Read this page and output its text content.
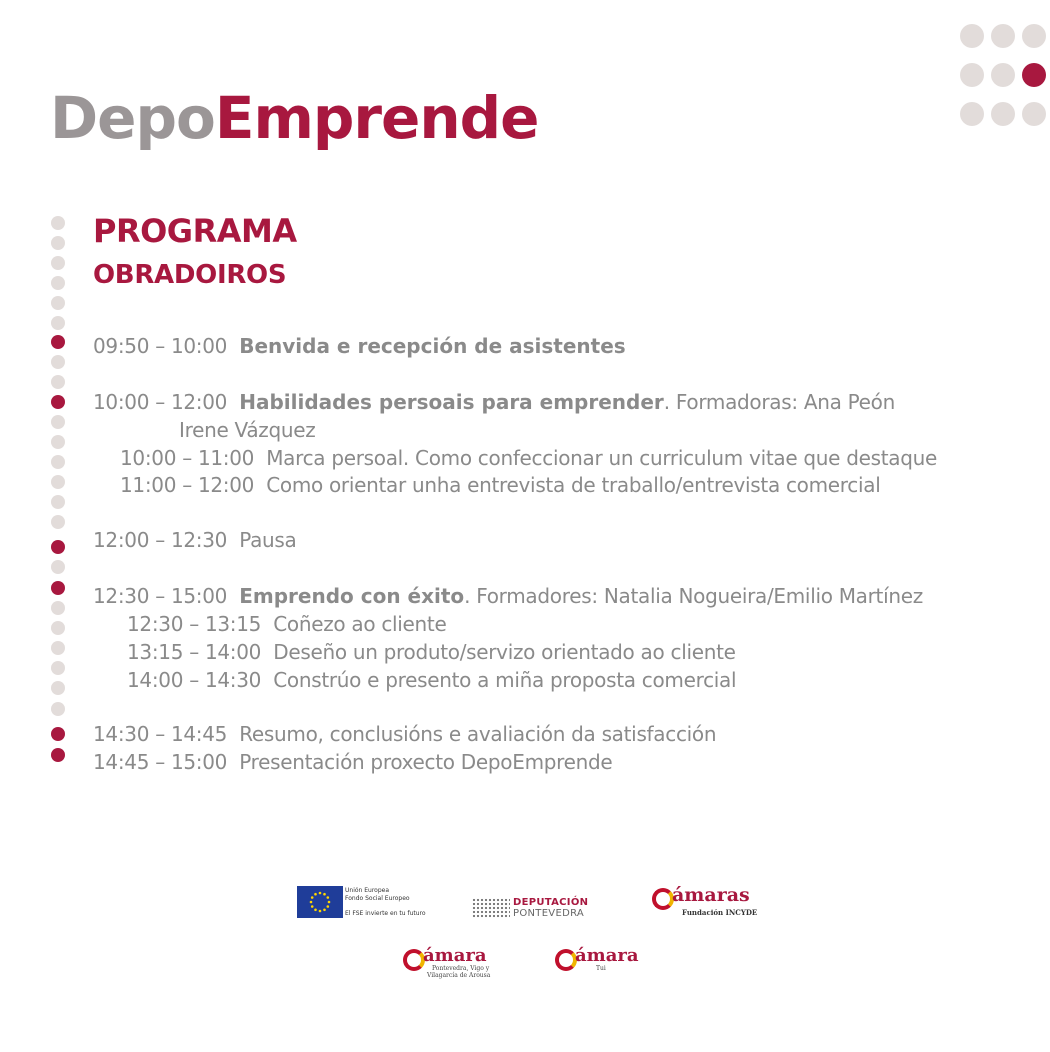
DepoEmprende
PROGRAMA
OBRADOIROS
09:50 – 10:00 Benvida e recepción de asistentes
10:00 – 12:00 Habilidades persoais para emprender. Formadoras: Ana Peón
Irene Vázquez
10:00 – 11:00 Marca persoal. Como confeccionar un curriculum vitae que destaque
11:00 – 12:00 Como orientar unha entrevista de traballo/entrevista comercial
12:00 – 12:30 Pausa
12:30 – 15:00 Emprendo con éxito. Formadores: Natalia Nogueira/Emilio Martínez
12:30 – 13:15 Coñezo ao cliente
13:15 – 14:00 Deseño un produto/servizo orientado ao cliente
14:00 – 14:30 Constrúo e presento a miña proposta comercial
14:30 – 14:45 Resumo, conclusións e avaliación da satisfacción
14:45 – 15:00 Presentación proxecto DepoEmprende
Unión Europea
Fondo Social Europeo
El FSE invierte en tu futuro
DEPUTACIÓN
PONTEVEDRA
ámaras
Fundación INCYDE
ámara
Pontevedra, Vigo y
Vilagarcía de Arousa
ámara
Tui
